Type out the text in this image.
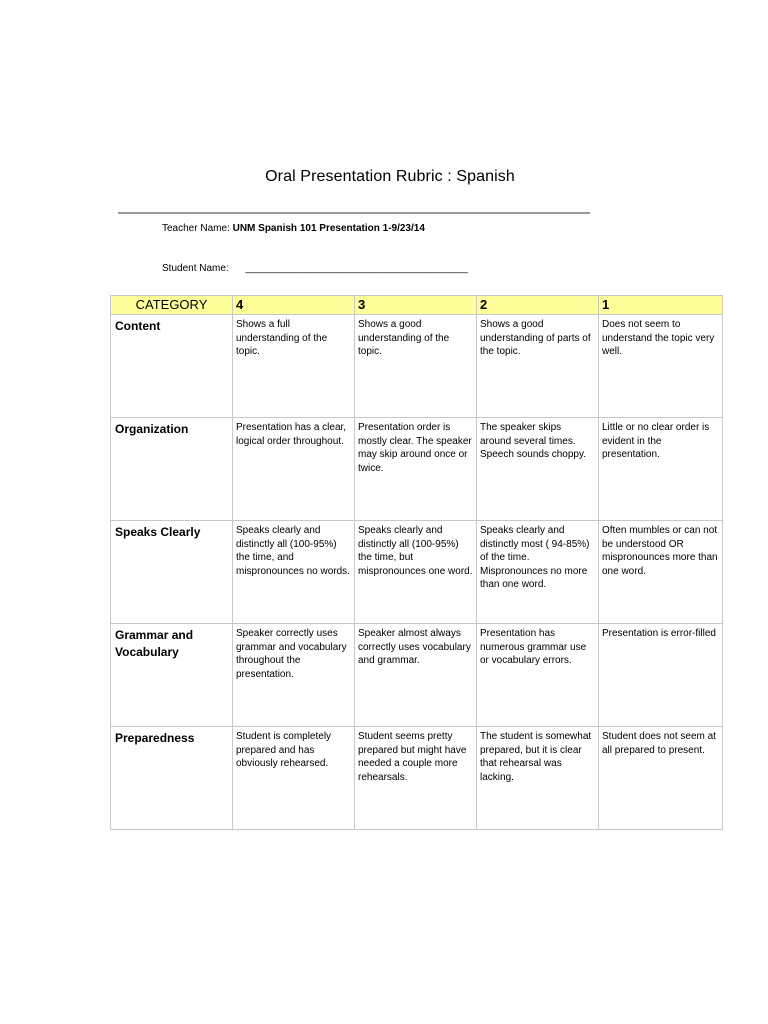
Oral Presentation Rubric : Spanish
Teacher Name: UNM Spanish 101 Presentation 1-9/23/14
Student Name: ________________________________________
CATEGORY	4	3	2	1
Content	Shows a full understanding of the topic.	Shows a good understanding of the topic.	Shows a good understanding of parts of the topic.	Does not seem to understand the topic very well.
Organization	Presentation has a clear, logical order throughout.	Presentation order is mostly clear. The speaker may skip around once or twice.	The speaker skips around several times. Speech sounds choppy.	Little or no clear order is evident in the presentation.
Speaks Clearly	Speaks clearly and distinctly all (100-95%) the time, and mispronounces no words.	Speaks clearly and distinctly all (100-95%) the time, but mispronounces one word.	Speaks clearly and distinctly most ( 94-85%) of the time. Mispronounces no more than one word.	Often mumbles or can not be understood OR mispronounces more than one word.
Grammar and Vocabulary	Speaker correctly uses grammar and vocabulary throughout the presentation.	Speaker almost always correctly uses vocabulary and grammar.	Presentation has numerous grammar use or vocabulary errors.	Presentation is error-filled
Preparedness	Student is completely prepared and has obviously rehearsed.	Student seems pretty prepared but might have needed a couple more rehearsals.	The student is somewhat prepared, but it is clear that rehearsal was lacking.	Student does not seem at all prepared to present.
